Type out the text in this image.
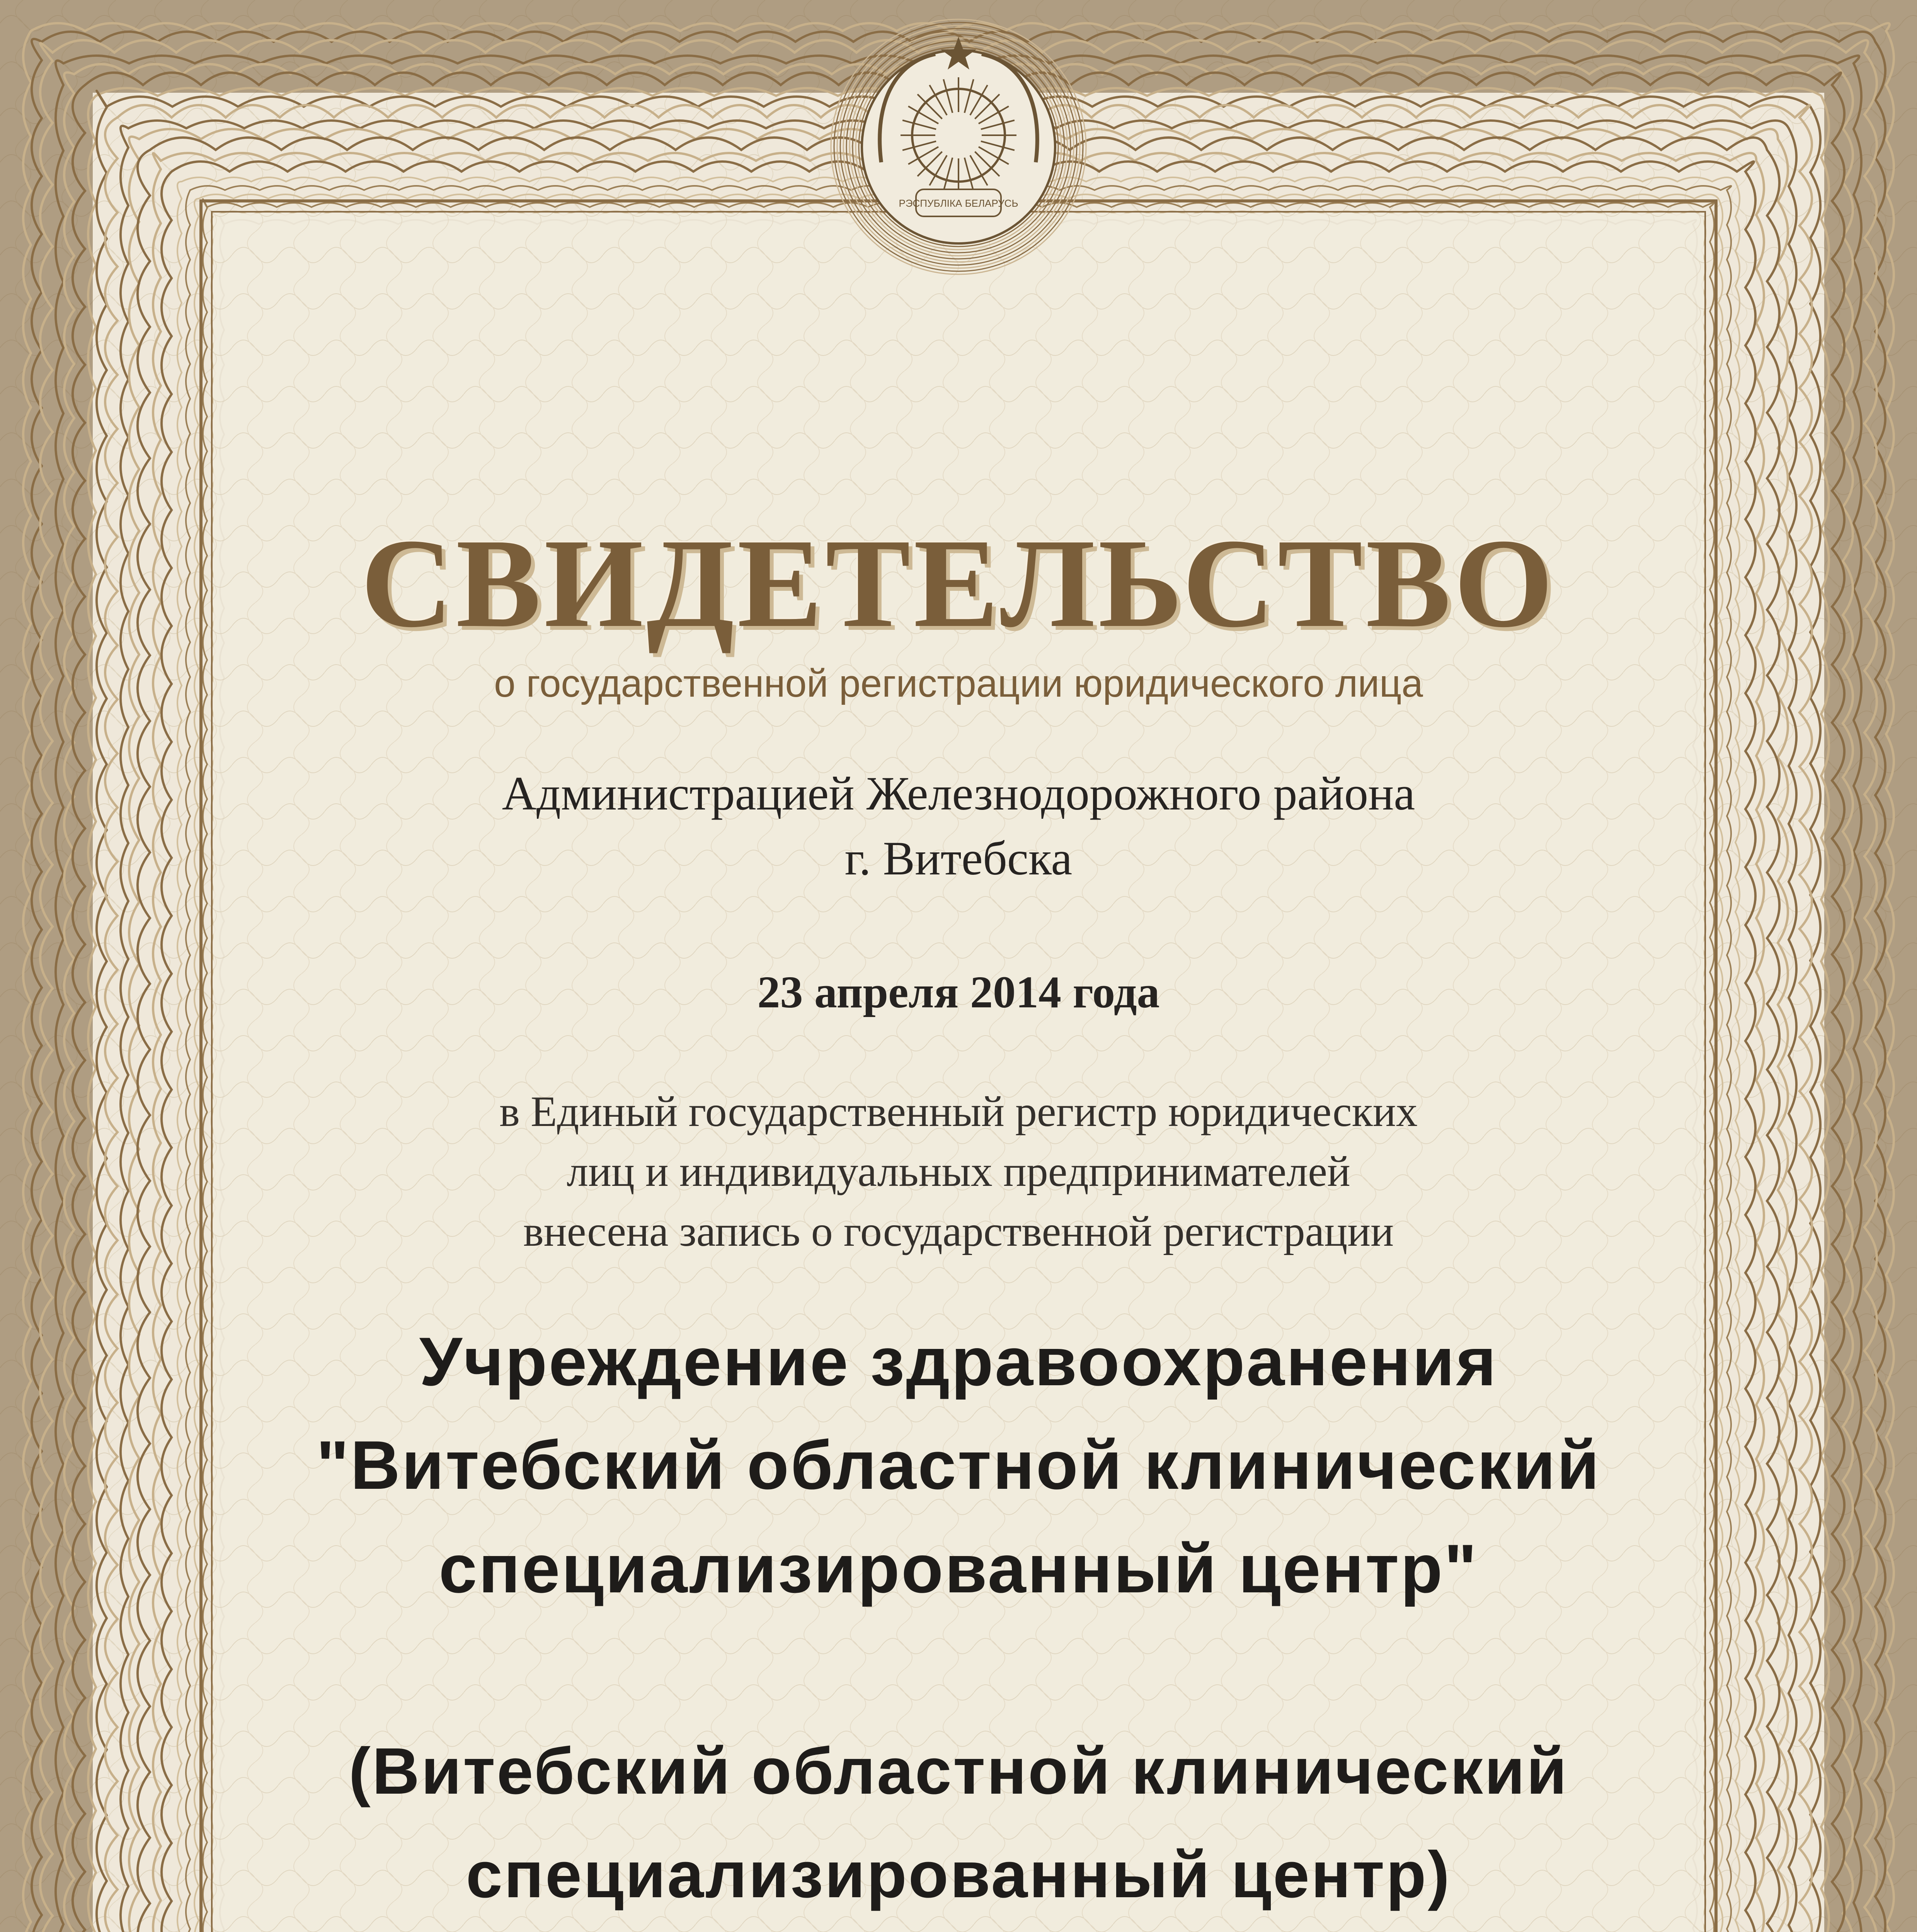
РЭСПУБЛІКА БЕЛАРУСЬ
СВИДЕТЕЛЬСТВО
о государственной регистрации юридического лица
Администрацией Железнодорожного района
г. Витебска
23 апреля 2014 года
в Единый государственный регистр юридических
лиц и индивидуальных предпринимателей
внесена запись о государственной регистрации
Учреждение здравоохранения
"Витебский областной клинический
специализированный центр"
(Витебский областной клинический
специализированный центр)
